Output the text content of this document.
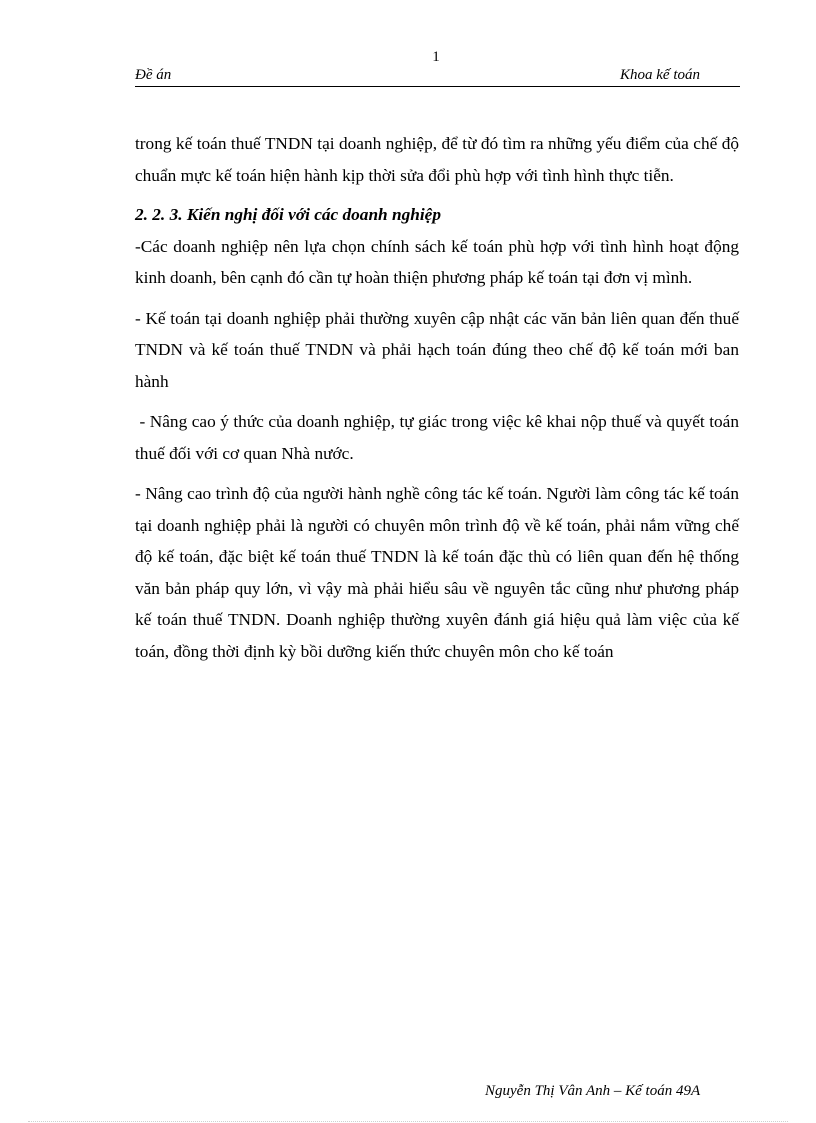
1
Đề án	Khoa kế toán

trong kế toán thuế TNDN tại doanh nghiệp, để từ đó tìm ra những yếu điểm của chế độ chuẩn mực kế toán hiện hành kịp thời sửa đổi phù hợp với tình hình thực tiễn.

2. 2. 3. Kiến nghị đối với các doanh nghiệp

-Các doanh nghiệp nên lựa chọn chính sách kế toán phù hợp với tình hình hoạt động kinh doanh, bên cạnh đó cần tự hoàn thiện phương pháp kế toán tại đơn vị mình.

- Kế toán tại doanh nghiệp phải thường xuyên cập nhật các văn bản liên quan đến thuế TNDN và kế toán thuế TNDN và phải hạch toán đúng theo chế độ kế toán mới ban hành

- Nâng cao ý thức của doanh nghiệp, tự giác trong việc kê khai nộp thuế và quyết toán thuế đối với cơ quan Nhà nước.

- Nâng cao trình độ của người hành nghề công tác kế toán. Người làm công tác kế toán tại doanh nghiệp phải là người có chuyên môn trình độ về kế toán, phải nắm vững chế độ kế toán, đặc biệt kế toán thuế TNDN là kế toán đặc thù có liên quan đến hệ thống văn bản pháp quy lớn, vì vậy mà phải hiểu sâu về nguyên tắc cũng như phương pháp kế toán thuế TNDN. Doanh nghiệp thường xuyên đánh giá hiệu quả làm việc của kế toán, đồng thời định kỳ bồi dưỡng kiến thức chuyên môn cho kế toán

Nguyễn Thị Vân Anh – Kế toán 49A
